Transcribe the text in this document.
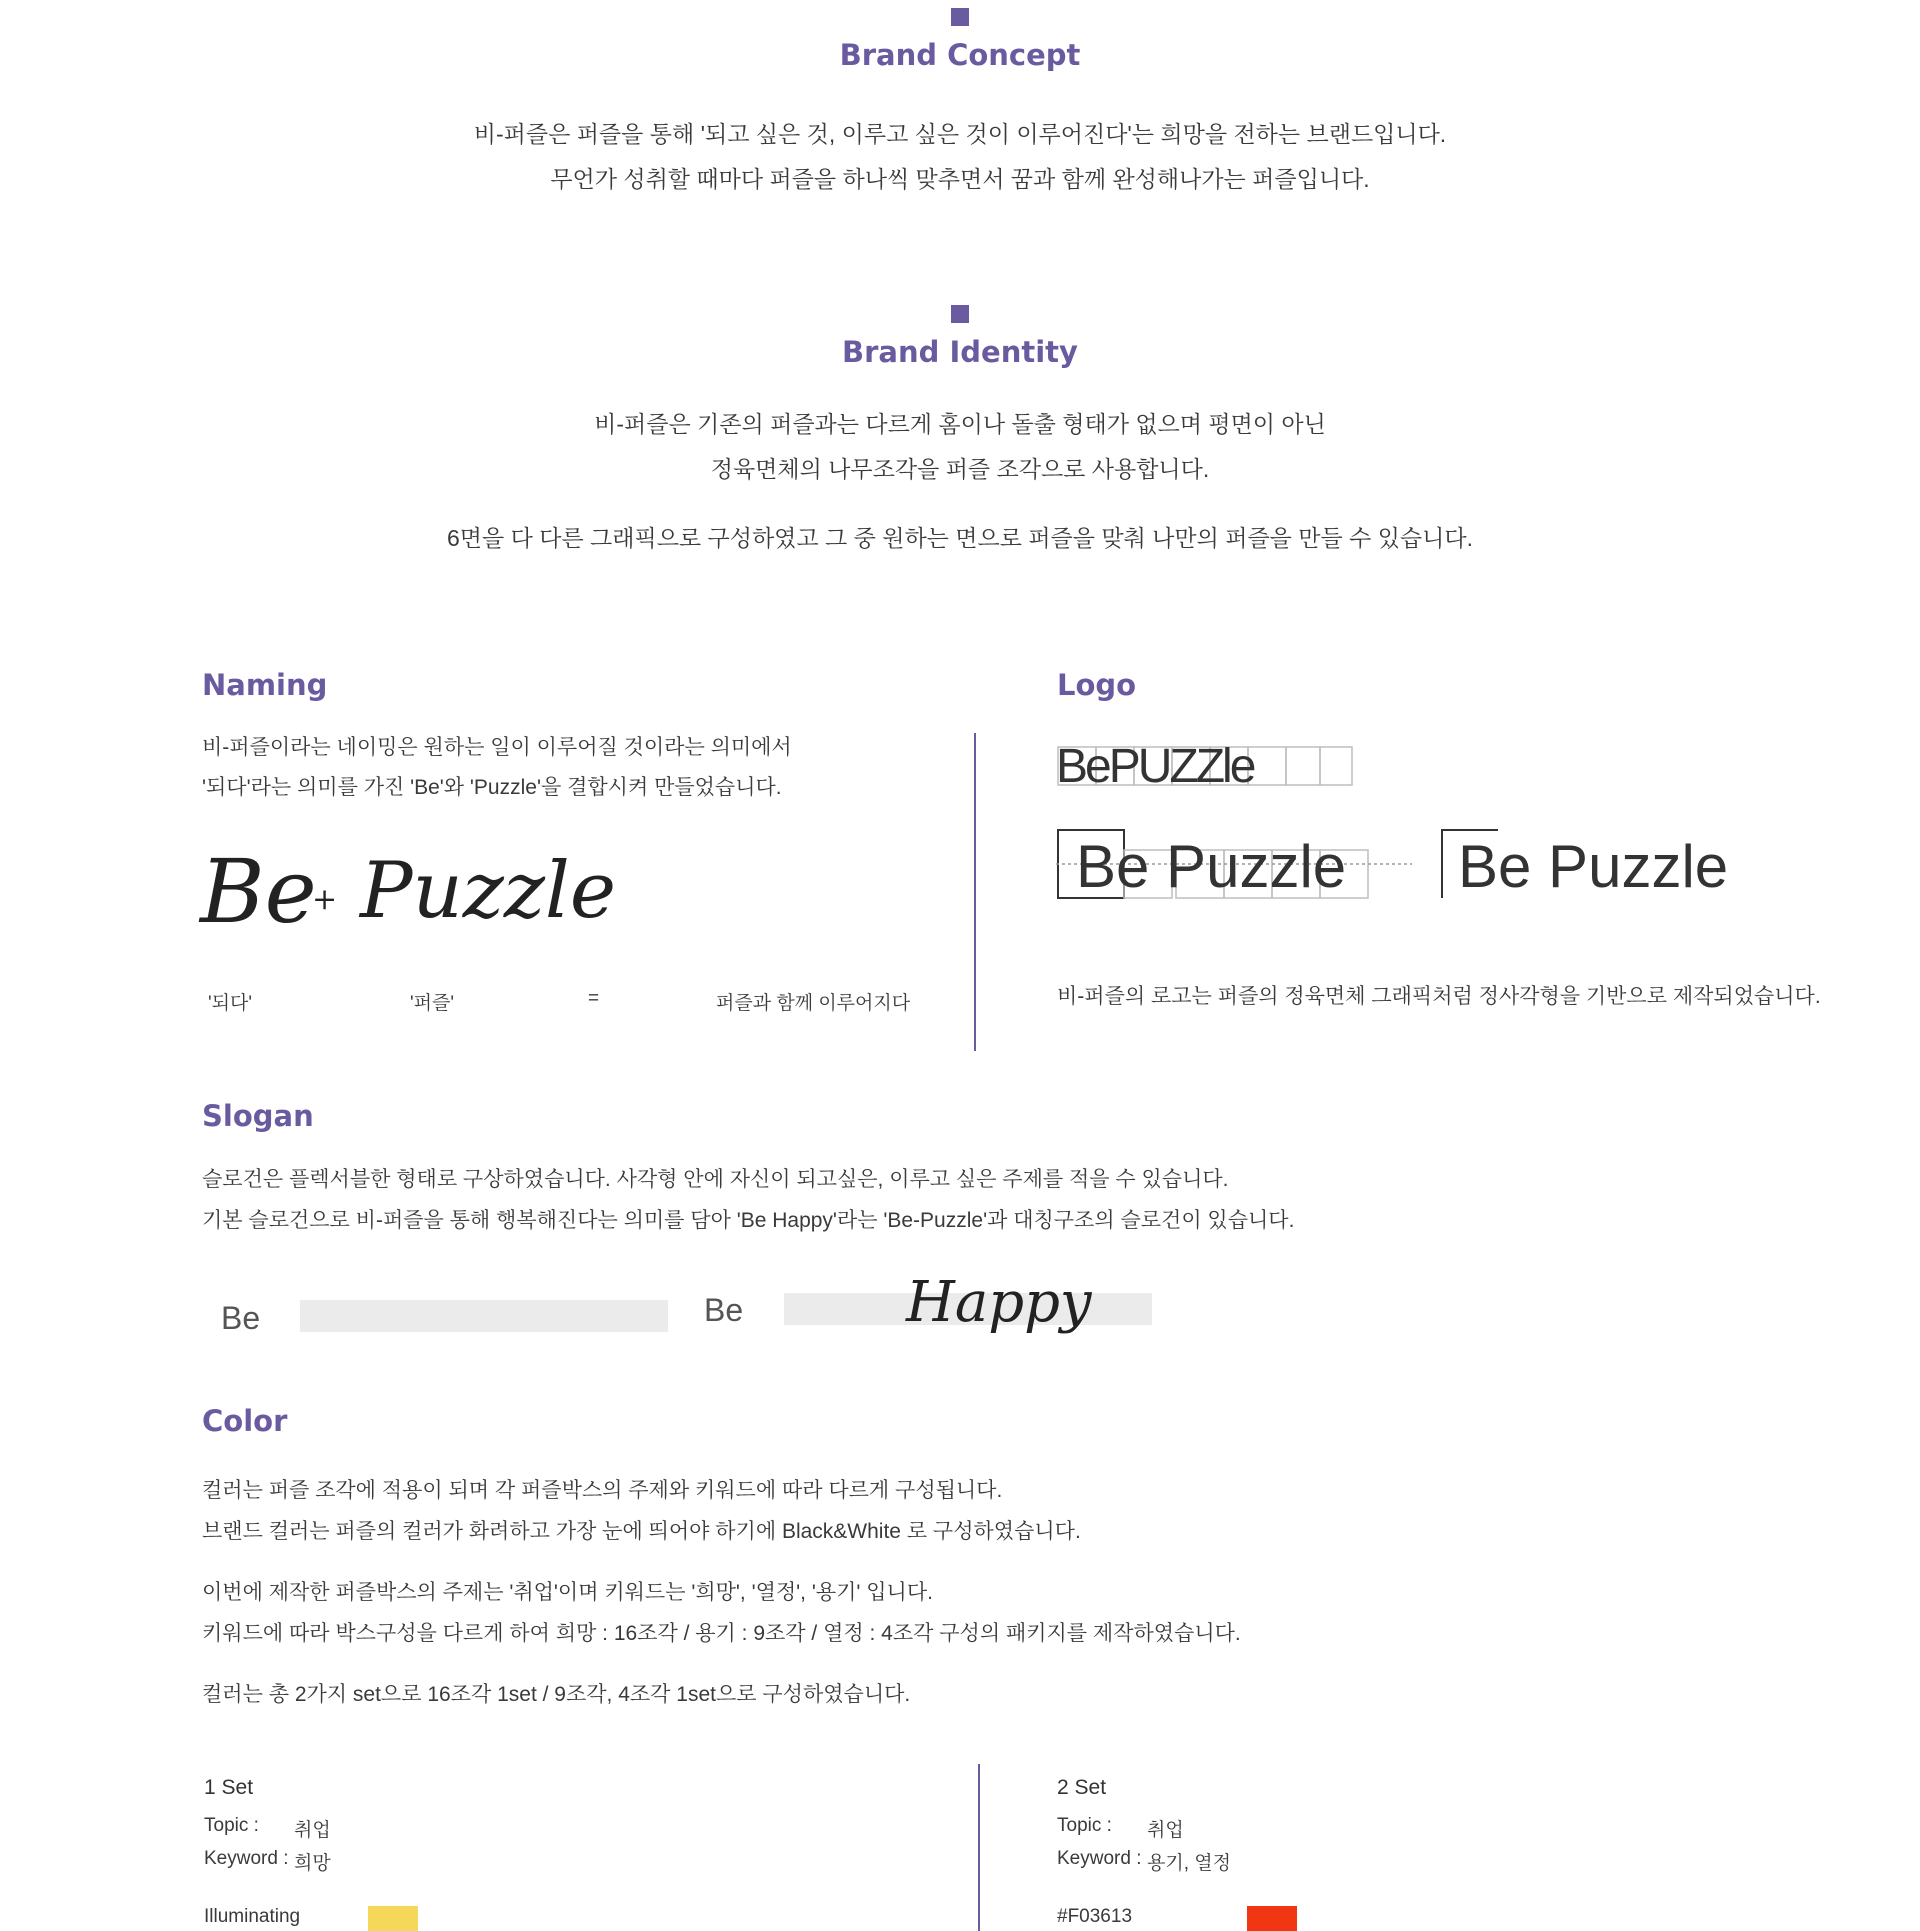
Brand Concept
비-퍼즐은 퍼즐을 통해 '되고 싶은 것, 이루고 싶은 것이 이루어진다'는 희망을 전하는 브랜드입니다.
무언가 성취할 때마다 퍼즐을 하나씩 맞추면서 꿈과 함께 완성해나가는 퍼즐입니다.
Brand Identity
비-퍼즐은 기존의 퍼즐과는 다르게 홈이나 돌출 형태가 없으며 평면이 아닌
정육면체의 나무조각을 퍼즐 조각으로 사용합니다.
6면을 다 다른 그래픽으로 구성하였고 그 중 원하는 면으로 퍼즐을 맞춰 나만의 퍼즐을 만들 수 있습니다.
Naming
비-퍼즐이라는 네이밍은 원하는 일이 이루어질 것이라는 의미에서
'되다'라는 의미를 가진 'Be'와 'Puzzle'을 결합시켜 만들었습니다.
Be
+ Puzzle
'되다'	'퍼즐'	=	퍼즐과 함께 이루어지다
Logo
BePUZZle
Be Puzzle Be Puzzle
비-퍼즐의 로고는 퍼즐의 정육면체 그래픽처럼 정사각형을 기반으로 제작되었습니다.
Slogan
슬로건은 플렉서블한 형태로 구상하였습니다. 사각형 안에 자신이 되고싶은, 이루고 싶은 주제를 적을 수 있습니다.
기본 슬로건으로 비-퍼즐을 통해 행복해진다는 의미를 담아 'Be Happy'라는 'Be-Puzzle'과 대칭구조의 슬로건이 있습니다.
Be	Be	Happy
Color
컬러는 퍼즐 조각에 적용이 되며 각 퍼즐박스의 주제와 키워드에 따라 다르게 구성됩니다.
브랜드 컬러는 퍼즐의 컬러가 화려하고 가장 눈에 띄어야 하기에 Black&White 로 구성하였습니다.
이번에 제작한 퍼즐박스의 주제는 '취업'이며 키워드는 '희망', '열정', '용기' 입니다.
키워드에 따라 박스구성을 다르게 하여 희망 : 16조각 / 용기 : 9조각 / 열정 : 4조각 구성의 패키지를 제작하였습니다.
컬러는 총 2가지 set으로 16조각 1set / 9조각, 4조각 1set으로 구성하였습니다.
1 Set
Topic : 취업
Keyword : 희망
Illuminating
2 Set
Topic : 취업
Keyword : 용기, 열정
#F03613
